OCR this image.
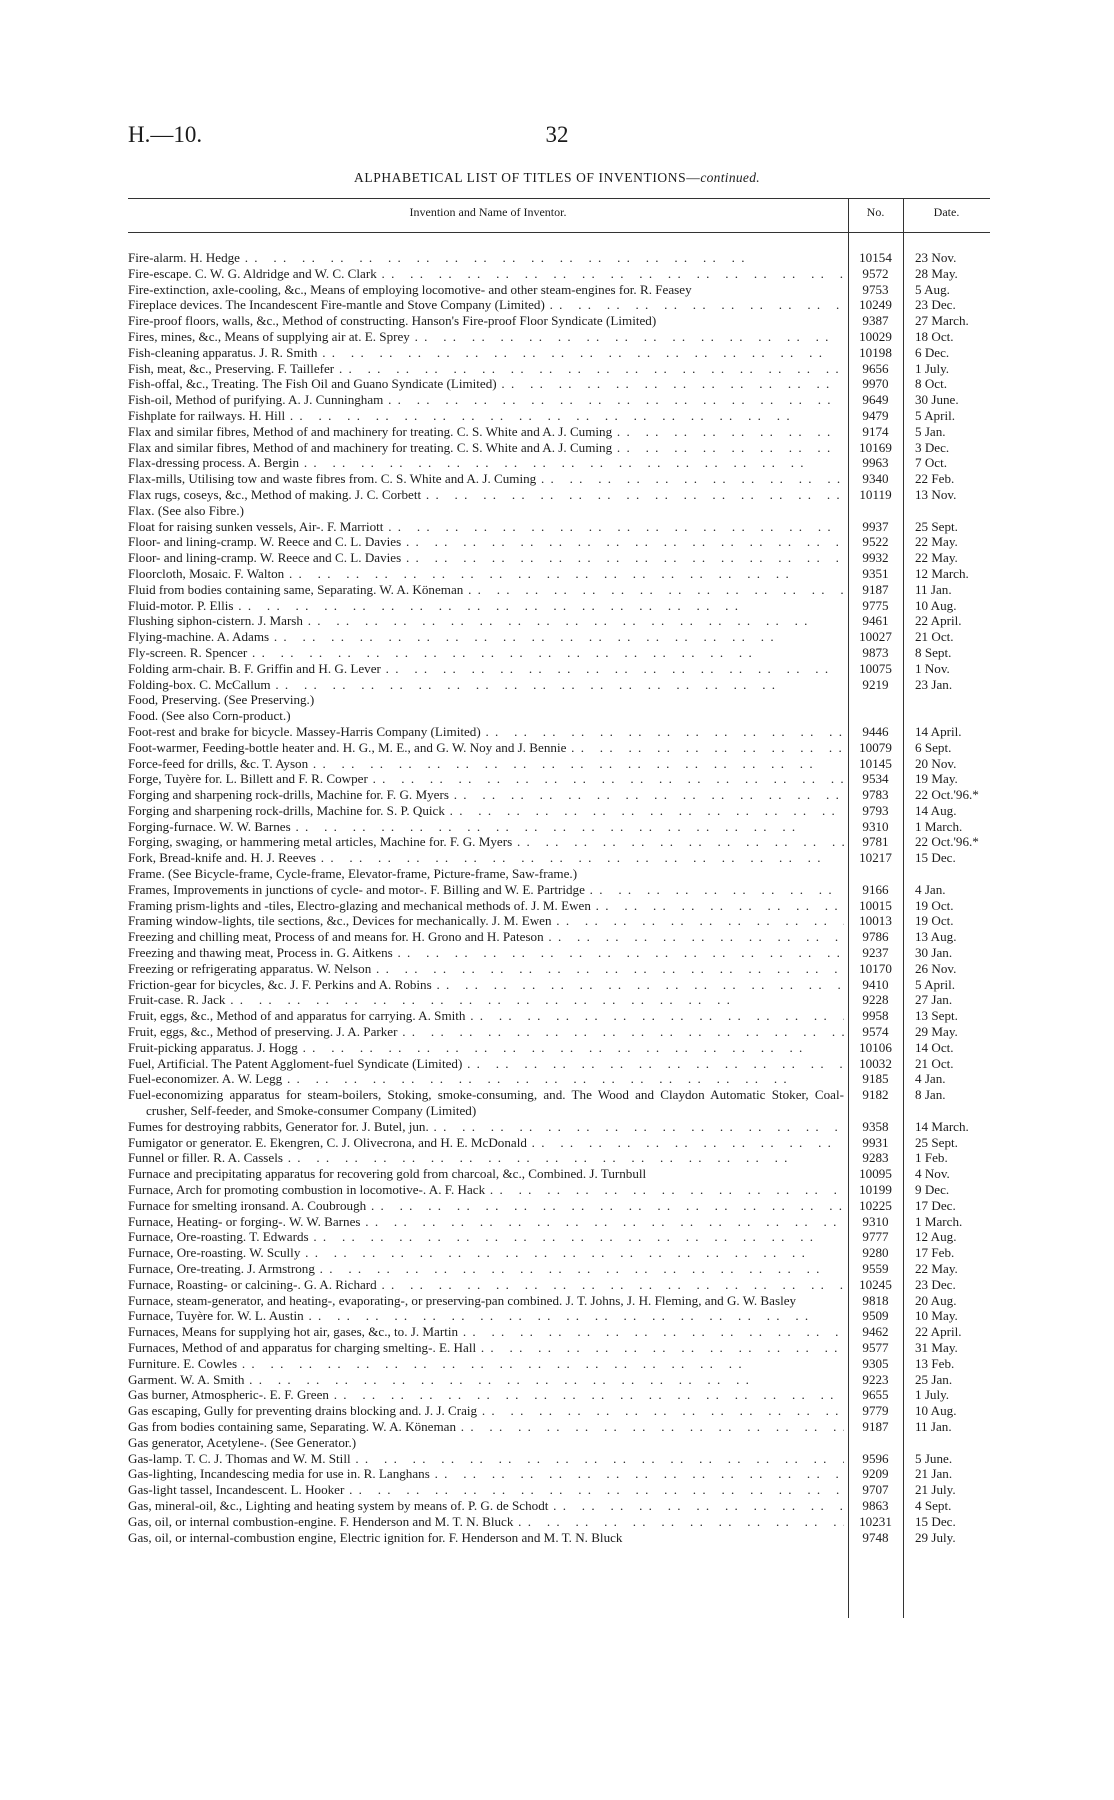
H.—10.	32
ALPHABETICAL LIST OF TITLES OF INVENTIONS—continued.
Invention and Name of Inventor.	No.	Date.
Fire-alarm. H. Hedge . .	10154	23 Nov.
Fire-escape. C. W. G. Aldridge and W. C. Clark . .	9572	28 May.
Fire-extinction, axle-cooling, &c., Means of employing locomotive- and other steam-engines for. R. Feasey	9753	5 Aug.
Fireplace devices. The Incandescent Fire-mantle and Stove Company (Limited) . .	10249	23 Dec.
Fire-proof floors, walls, &c., Method of constructing. Hanson's Fire-proof Floor Syndicate (Limited)	9387	27 March.
Fires, mines, &c., Means of supplying air at. E. Sprey . .	10029	18 Oct.
Fish-cleaning apparatus. J. R. Smith . .	10198	6 Dec.
Fish, meat, &c., Preserving. F. Taillefer . .	9656	1 July.
Fish-offal, &c., Treating. The Fish Oil and Guano Syndicate (Limited) . .	9970	8 Oct.
Fish-oil, Method of purifying. A. J. Cunningham . .	9649	30 June.
Fishplate for railways. H. Hill . .	9479	5 April.
Flax and similar fibres, Method of and machinery for treating. C. S. White and A. J. Cuming . .	9174	5 Jan.
Flax and similar fibres, Method of and machinery for treating. C. S. White and A. J. Cuming . .	10169	3 Dec.
Flax-dressing process. A. Bergin . .	9963	7 Oct.
Flax-mills, Utilising tow and waste fibres from. C. S. White and A. J. Cuming . .	9340	22 Feb.
Flax rugs, coseys, &c., Method of making. J. C. Corbett . .	10119	13 Nov.
Flax. (See also Fibre.)
Float for raising sunken vessels, Air-. F. Marriott . .	9937	25 Sept.
Floor- and lining-cramp. W. Reece and C. L. Davies . .	9522	22 May.
Floor- and lining-cramp. W. Reece and C. L. Davies . .	9932	22 May.
Floorcloth, Mosaic. F. Walton . .	9351	12 March.
Fluid from bodies containing same, Separating. W. A. Köneman . .	9187	11 Jan.
Fluid-motor. P. Ellis . .	9775	10 Aug.
Flushing siphon-cistern. J. Marsh . .	9461	22 April.
Flying-machine. A. Adams . .	10027	21 Oct.
Fly-screen. R. Spencer . .	9873	8 Sept.
Folding arm-chair. B. F. Griffin and H. G. Lever . .	10075	1 Nov.
Folding-box. C. McCallum . .	9219	23 Jan.
Food, Preserving. (See Preserving.)
Food. (See also Corn-product.)
Foot-rest and brake for bicycle. Massey-Harris Company (Limited) . .	9446	14 April.
Foot-warmer, Feeding-bottle heater and. H. G., M. E., and G. W. Noy and J. Bennie . .	10079	6 Sept.
Force-feed for drills, &c. T. Ayson . .	10145	20 Nov.
Forge, Tuyère for. L. Billett and F. R. Cowper . .	9534	19 May.
Forging and sharpening rock-drills, Machine for. F. G. Myers . .	9783	22 Oct.'96.*
Forging and sharpening rock-drills, Machine for. S. P. Quick . .	9793	14 Aug.
Forging-furnace. W. W. Barnes . .	9310	1 March.
Forging, swaging, or hammering metal articles, Machine for. F. G. Myers . .	9781	22 Oct.'96.*
Fork, Bread-knife and. H. J. Reeves . .	10217	15 Dec.
Frame. (See Bicycle-frame, Cycle-frame, Elevator-frame, Picture-frame, Saw-frame.)
Frames, Improvements in junctions of cycle- and motor-. F. Billing and W. E. Partridge . .	9166	4 Jan.
Framing prism-lights and -tiles, Electro-glazing and mechanical methods of. J. M. Ewen . .	10015	19 Oct.
Framing window-lights, tile sections, &c., Devices for mechanically. J. M. Ewen . .	10013	19 Oct.
Freezing and chilling meat, Process of and means for. H. Grono and H. Pateson . .	9786	13 Aug.
Freezing and thawing meat, Process in. G. Aitkens . .	9237	30 Jan.
Freezing or refrigerating apparatus. W. Nelson . .	10170	26 Nov.
Friction-gear for bicycles, &c. J. F. Perkins and A. Robins . .	9410	5 April.
Fruit-case. R. Jack . .	9228	27 Jan.
Fruit, eggs, &c., Method of and apparatus for carrying. A. Smith . .	9958	13 Sept.
Fruit, eggs, &c., Method of preserving. J. A. Parker . .	9574	29 May.
Fruit-picking apparatus. J. Hogg . .	10106	14 Oct.
Fuel, Artificial. The Patent Aggloment-fuel Syndicate (Limited) . .	10032	21 Oct.
Fuel-economizer. A. W. Legg . .	9185	4 Jan.
Fuel-economizing apparatus for steam-boilers, Stoking, smoke-consuming, and. The Wood and Claydon Automatic Stoker, Coal-crusher, Self-feeder, and Smoke-consumer Company (Limited)
9182	8 Jan.
Fumes for destroying rabbits, Generator for. J. Butel, jun. . .	9358	14 March.
Fumigator or generator. E. Ekengren, C. J. Olivecrona, and H. E. McDonald . .	9931	25 Sept.
Funnel or filler. R. A. Cassels . .	9283	1 Feb.
Furnace and precipitating apparatus for recovering gold from charcoal, &c., Combined. J. Turnbull	10095	4 Nov.
Furnace, Arch for promoting combustion in locomotive-. A. F. Hack . .	10199	9 Dec.
Furnace for smelting ironsand. A. Coubrough . .	10225	17 Dec.
Furnace, Heating- or forging-. W. W. Barnes . .	9310	1 March.
Furnace, Ore-roasting. T. Edwards . .	9777	12 Aug.
Furnace, Ore-roasting. W. Scully . .	9280	17 Feb.
Furnace, Ore-treating. J. Armstrong . .	9559	22 May.
Furnace, Roasting- or calcining-. G. A. Richard . .	10245	23 Dec.
Furnace, steam-generator, and heating-, evaporating-, or preserving-pan combined. J. T. Johns, J. H. Fleming, and G. W. Basley	9818	20 Aug.
Furnace, Tuyère for. W. L. Austin . .	9509	10 May.
Furnaces, Means for supplying hot air, gases, &c., to. J. Martin . .	9462	22 April.
Furnaces, Method of and apparatus for charging smelting-. E. Hall . .	9577	31 May.
Furniture. E. Cowles . .	9305	13 Feb.
Garment. W. A. Smith . .	9223	25 Jan.
Gas burner, Atmospheric-. E. F. Green . .	9655	1 July.
Gas escaping, Gully for preventing drains blocking and. J. J. Craig . .	9779	10 Aug.
Gas from bodies containing same, Separating. W. A. Köneman . .	9187	11 Jan.
Gas generator, Acetylene-. (See Generator.)
Gas-lamp. T. C. J. Thomas and W. M. Still . .	9596	5 June.
Gas-lighting, Incandescing media for use in. R. Langhans . .	9209	21 Jan.
Gas-light tassel, Incandescent. L. Hooker . .	9707	21 July.
Gas, mineral-oil, &c., Lighting and heating system by means of. P. G. de Schodt . .	9863	4 Sept.
Gas, oil, or internal combustion-engine. F. Henderson and M. T. N. Bluck . .	10231	15 Dec.
Gas, oil, or internal-combustion engine, Electric ignition for. F. Henderson and M. T. N. Bluck	9748	29 July.
